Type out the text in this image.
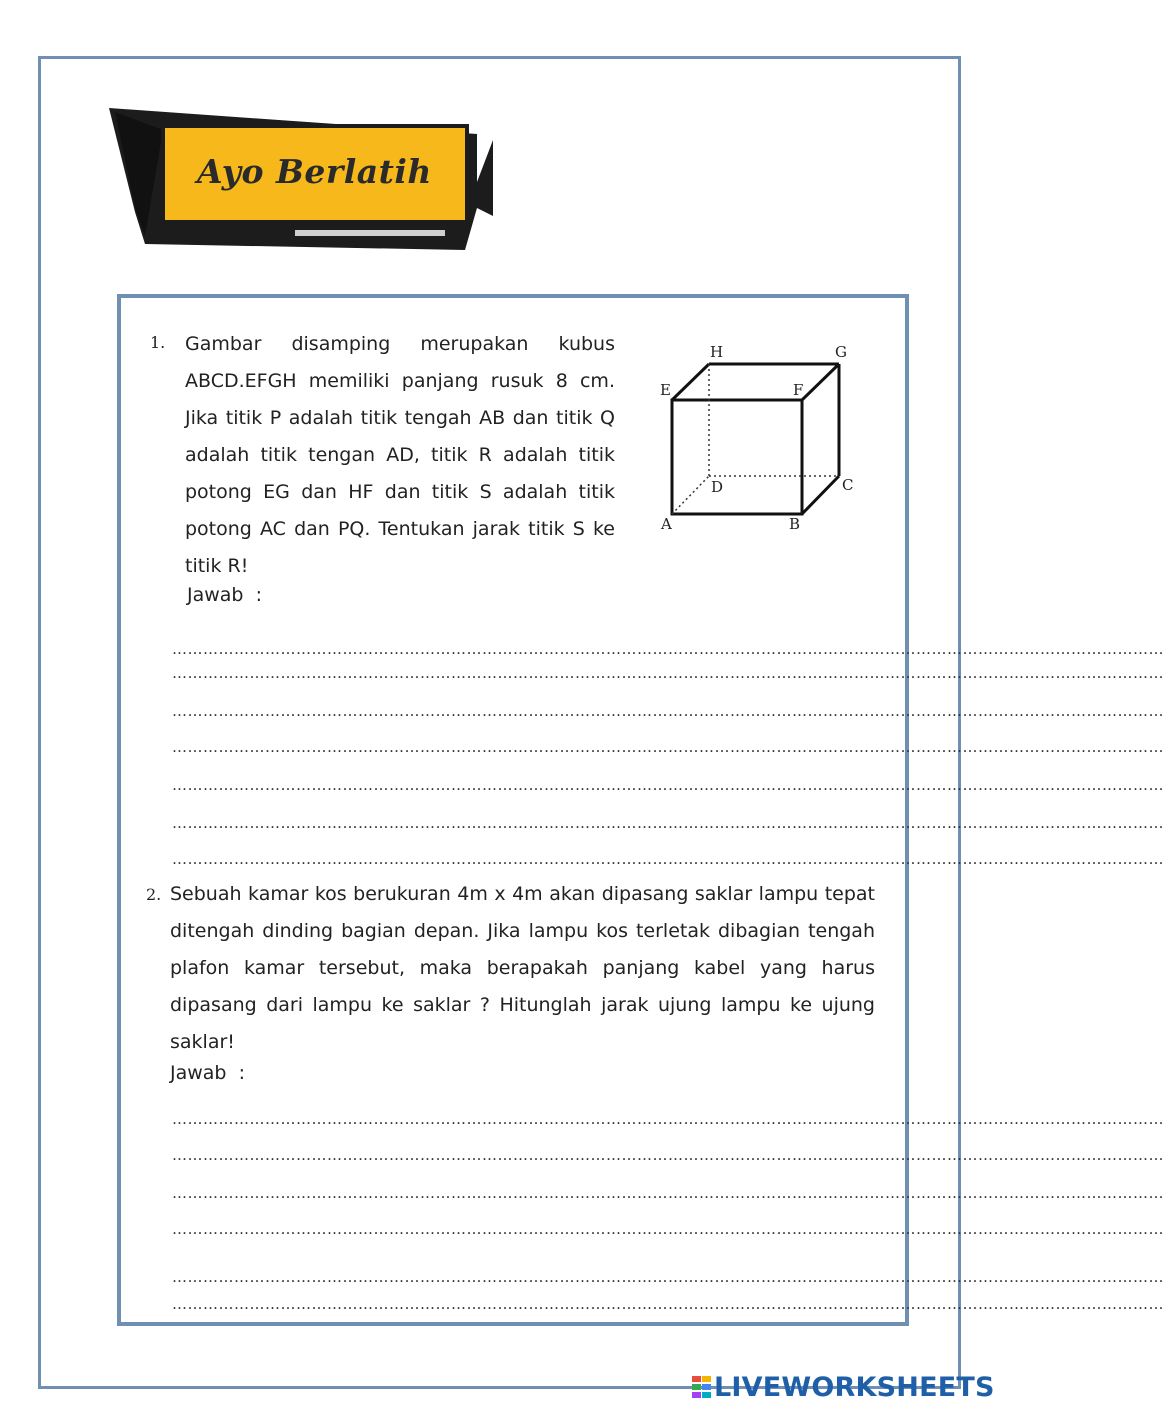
Ayo Berlatih
1. Gambar disamping merupakan kubus ABCD.EFGH memiliki panjang rusuk 8 cm. Jika titik P adalah titik tengah AB dan titik Q adalah titik tengan AD, titik R adalah titik potong EG dan HF dan titik S adalah titik potong AC dan PQ. Tentukan jarak titik S ke titik R!
Jawab  :
H	G
E	F
D	C
A	B
…………………………………………………………………………………………………………………………………………………………………………
…………………………………………………………………………………………………………………………………………………………………………
…………………………………………………………………………………………………………………………………………………………………………
…………………………………………………………………………………………………………………………………………………………………………
…………………………………………………………………………………………………………………………………………………………………………
…………………………………………………………………………………………………………………………………………………………………………
…………………………………………………………………………………………………………………………………………………………………………
2. Sebuah kamar kos berukuran 4m x 4m akan dipasang saklar lampu tepat ditengah dinding bagian depan. Jika lampu kos terletak dibagian tengah plafon kamar tersebut, maka berapakah panjang kabel yang harus dipasang dari lampu ke saklar ? Hitunglah jarak ujung lampu ke ujung saklar!
Jawab  :
…………………………………………………………………………………………………………………………………………………………………………
…………………………………………………………………………………………………………………………………………………………………………
…………………………………………………………………………………………………………………………………………………………………………
…………………………………………………………………………………………………………………………………………………………………………
…………………………………………………………………………………………………………………………………………………………………………
…………………………………………………………………………………………………………………………………………………………………………
LIVEWORKSHEETS
